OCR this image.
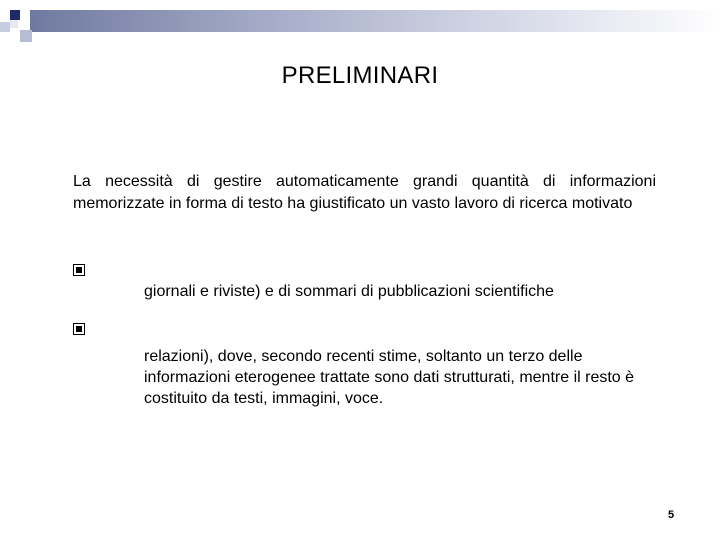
PRELIMINARI
La necessità di gestire automaticamente grandi quantità di informazioni memorizzate in forma di testo ha giustificato un vasto lavoro di ricerca motivato
giornali e riviste) e di sommari di pubblicazioni scientifiche
relazioni), dove, secondo recenti stime, soltanto un terzo delle informazioni eterogenee trattate sono dati strutturati, mentre il resto è costituito da testi, immagini, voce.
5
